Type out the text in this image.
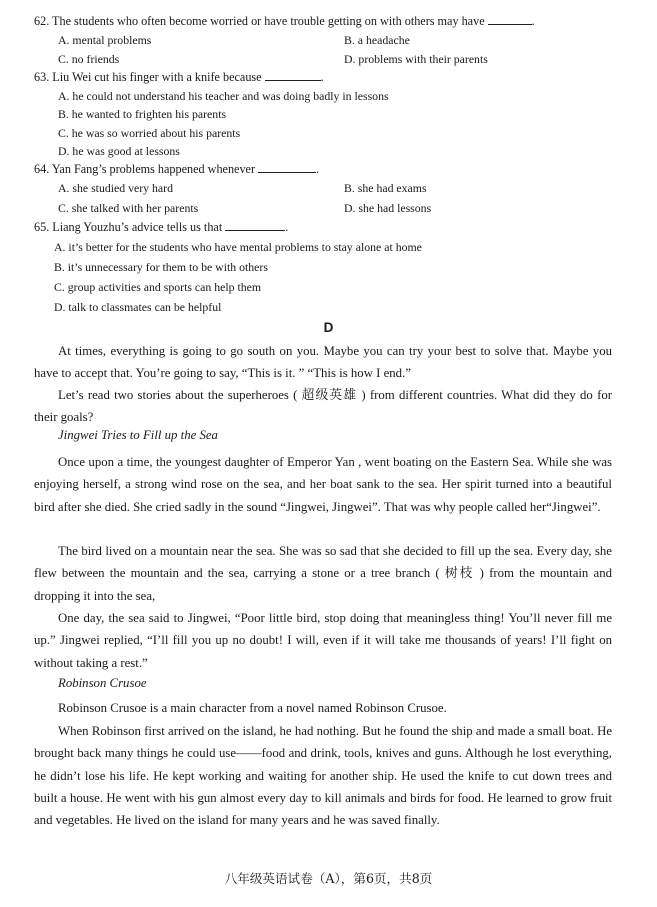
62. The students who often become worried or have trouble getting on with others may have	.
A. mental problems	B. a headache
C. no friends	D. problems with their parents
63. Liu Wei cut his finger with a knife because	.
A. he could not understand his teacher and was doing badly in lessons
B. he wanted to frighten his parents
C. he was so worried about his parents
D. he was good at lessons
64. Yan Fang’s problems happened whenever	.
A. she studied very hard	B. she had exams
C. she talked with her parents	D. she had lessons
65. Liang Youzhu’s advice tells us that	.
A. it’s better for the students who have mental problems to stay alone at home
B. it’s unnecessary for them to be with others
C. group activities and sports can help them
D. talk to classmates can be helpful
D
At times, everything is going to go south on you. Maybe you can try your best to solve that. Maybe you have to accept that. You’re going to say, “This is it. ” “This is how I end.”
Let’s read two stories about the superheroes ( 超级英雄 ) from different countries. What did they do for their goals?
Jingwei Tries to Fill up the Sea
Once upon a time, the youngest daughter of Emperor Yan , went boating on the Eastern Sea. While she was enjoying herself, a strong wind rose on the sea, and her boat sank to the sea. Her spirit turned into a beautiful bird after she died. She cried sadly in the sound “Jingwei, Jingwei”. That was why people called her“Jingwei”.
The bird lived on a mountain near the sea. She was so sad that she decided to fill up the sea. Every day, she flew between the mountain and the sea, carrying a stone or a tree branch ( 树枝 ) from the mountain and dropping it into the sea,
One day, the sea said to Jingwei, “Poor little bird, stop doing that meaningless thing! You’ll never fill me up.” Jingwei replied, “I’ll fill you up no doubt! I will, even if it will take me thousands of years! I’ll fight on without taking a rest.”
Robinson Crusoe
Robinson Crusoe is a main character from a novel named Robinson Crusoe.
When Robinson first arrived on the island, he had nothing. But he found the ship and made a small boat. He brought back many things he could use——food and drink, tools, knives and guns. Although he lost everything, he didn’t lose his life. He kept working and waiting for another ship. He used the knife to cut down trees and built a house. He went with his gun almost every day to kill animals and birds for food. He learned to grow fruit and vegetables. He lived on the island for many years and he was saved finally.
八年级英语试卷（A），第6页，共8页
